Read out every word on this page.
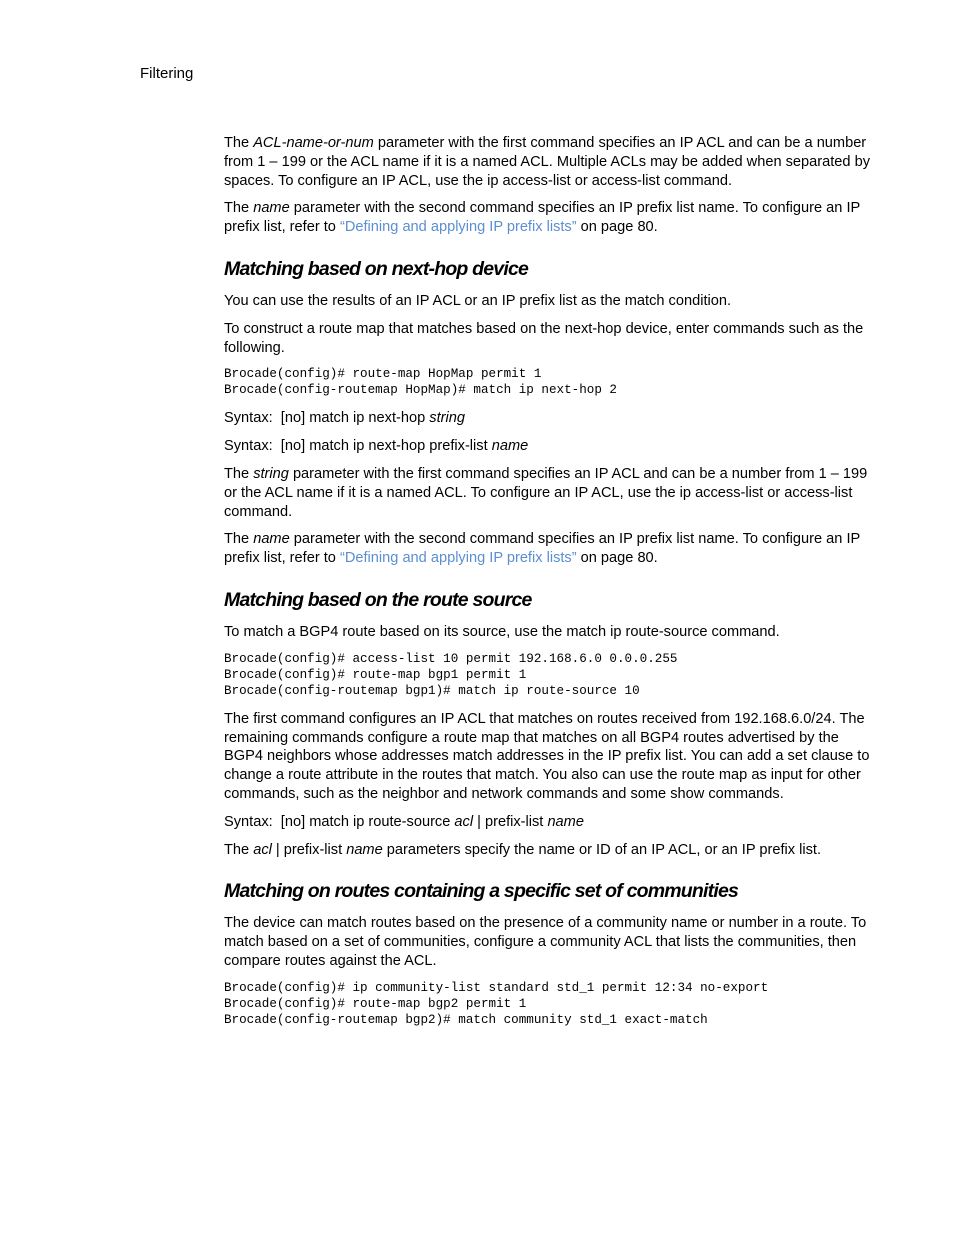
Filtering

The ACL-name-or-num parameter with the first command specifies an IP ACL and can be a number from 1 – 199 or the ACL name if it is a named ACL. Multiple ACLs may be added when separated by spaces. To configure an IP ACL, use the ip access-list or access-list command.

The name parameter with the second command specifies an IP prefix list name. To configure an IP prefix list, refer to “Defining and applying IP prefix lists” on page 80.

Matching based on next-hop device

You can use the results of an IP ACL or an IP prefix list as the match condition.

To construct a route map that matches based on the next-hop device, enter commands such as the following.

Brocade(config)# route-map HopMap permit 1
Brocade(config-routemap HopMap)# match ip next-hop 2

Syntax: [no] match ip next-hop string

Syntax: [no] match ip next-hop prefix-list name

The string parameter with the first command specifies an IP ACL and can be a number from 1 – 199 or the ACL name if it is a named ACL. To configure an IP ACL, use the ip access-list or access-list command.

The name parameter with the second command specifies an IP prefix list name. To configure an IP prefix list, refer to “Defining and applying IP prefix lists” on page 80.

Matching based on the route source

To match a BGP4 route based on its source, use the match ip route-source command.

Brocade(config)# access-list 10 permit 192.168.6.0 0.0.0.255
Brocade(config)# route-map bgp1 permit 1
Brocade(config-routemap bgp1)# match ip route-source 10

The first command configures an IP ACL that matches on routes received from 192.168.6.0/24. The remaining commands configure a route map that matches on all BGP4 routes advertised by the BGP4 neighbors whose addresses match addresses in the IP prefix list. You can add a set clause to change a route attribute in the routes that match. You also can use the route map as input for other commands, such as the neighbor and network commands and some show commands.

Syntax: [no] match ip route-source acl | prefix-list name

The acl | prefix-list name parameters specify the name or ID of an IP ACL, or an IP prefix list.

Matching on routes containing a specific set of communities

The device can match routes based on the presence of a community name or number in a route. To match based on a set of communities, configure a community ACL that lists the communities, then compare routes against the ACL.

Brocade(config)# ip community-list standard std_1 permit 12:34 no-export
Brocade(config)# route-map bgp2 permit 1
Brocade(config-routemap bgp2)# match community std_1 exact-match
